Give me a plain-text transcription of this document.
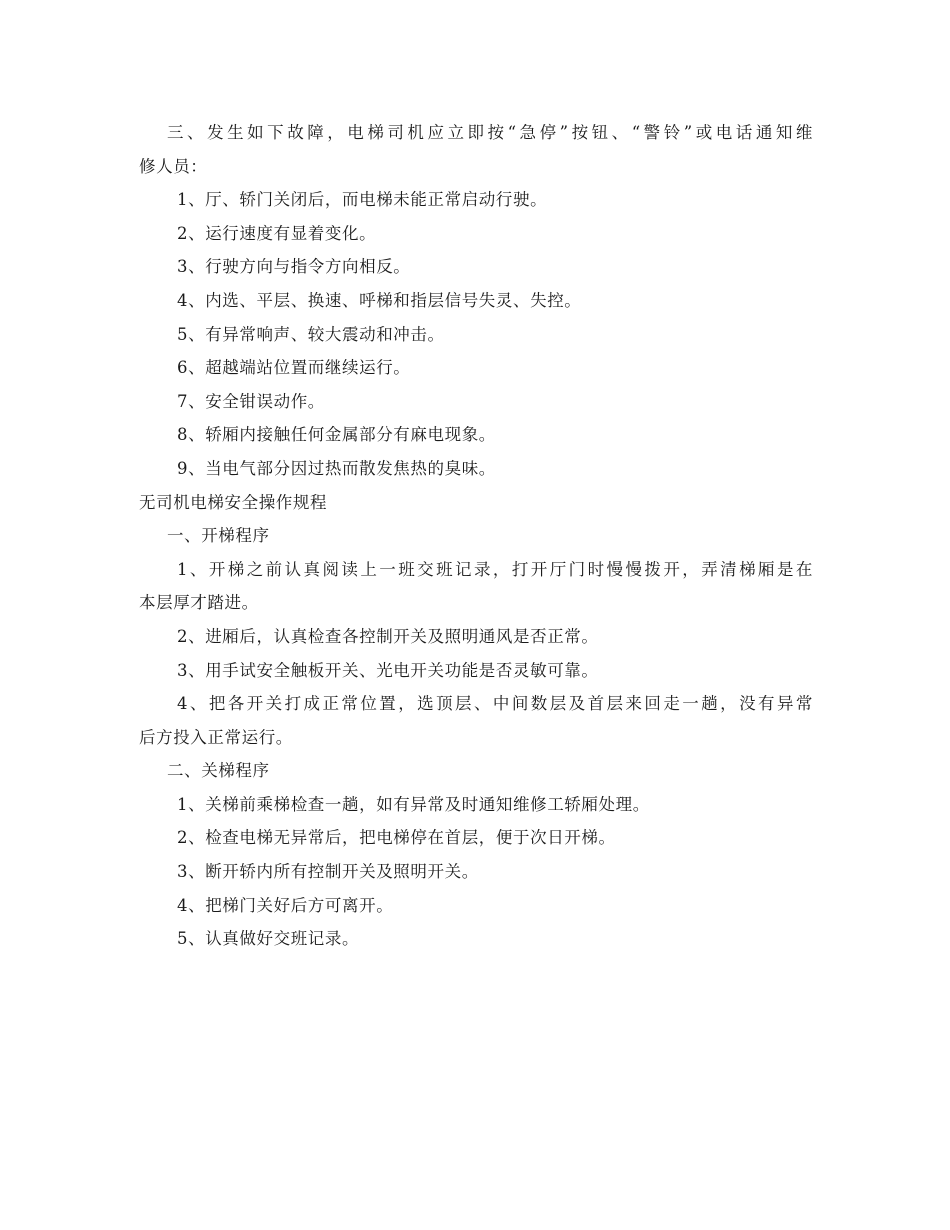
三、发生如下故障，电梯司机应立即按“急停”按钮、“警铃”或电话通知维
修人员：
1、厅、轿门关闭后，而电梯未能正常启动行驶。
2、运行速度有显着变化。
3、行驶方向与指令方向相反。
4、内选、平层、换速、呼梯和指层信号失灵、失控。
5、有异常响声、较大震动和冲击。
6、超越端站位置而继续运行。
7、安全钳误动作。
8、轿厢内接触任何金属部分有麻电现象。
9、当电气部分因过热而散发焦热的臭味。
无司机电梯安全操作规程
一、开梯程序
1、开梯之前认真阅读上一班交班记录，打开厅门时慢慢拨开，弄清梯厢是在
本层厚才踏进。
2、进厢后，认真检查各控制开关及照明通风是否正常。
3、用手试安全触板开关、光电开关功能是否灵敏可靠。
4、把各开关打成正常位置，选顶层、中间数层及首层来回走一趟，没有异常
后方投入正常运行。
二、关梯程序
1、关梯前乘梯检查一趟，如有异常及时通知维修工轿厢处理。
2、检查电梯无异常后，把电梯停在首层，便于次日开梯。
3、断开轿内所有控制开关及照明开关。
4、把梯门关好后方可离开。
5、认真做好交班记录。
